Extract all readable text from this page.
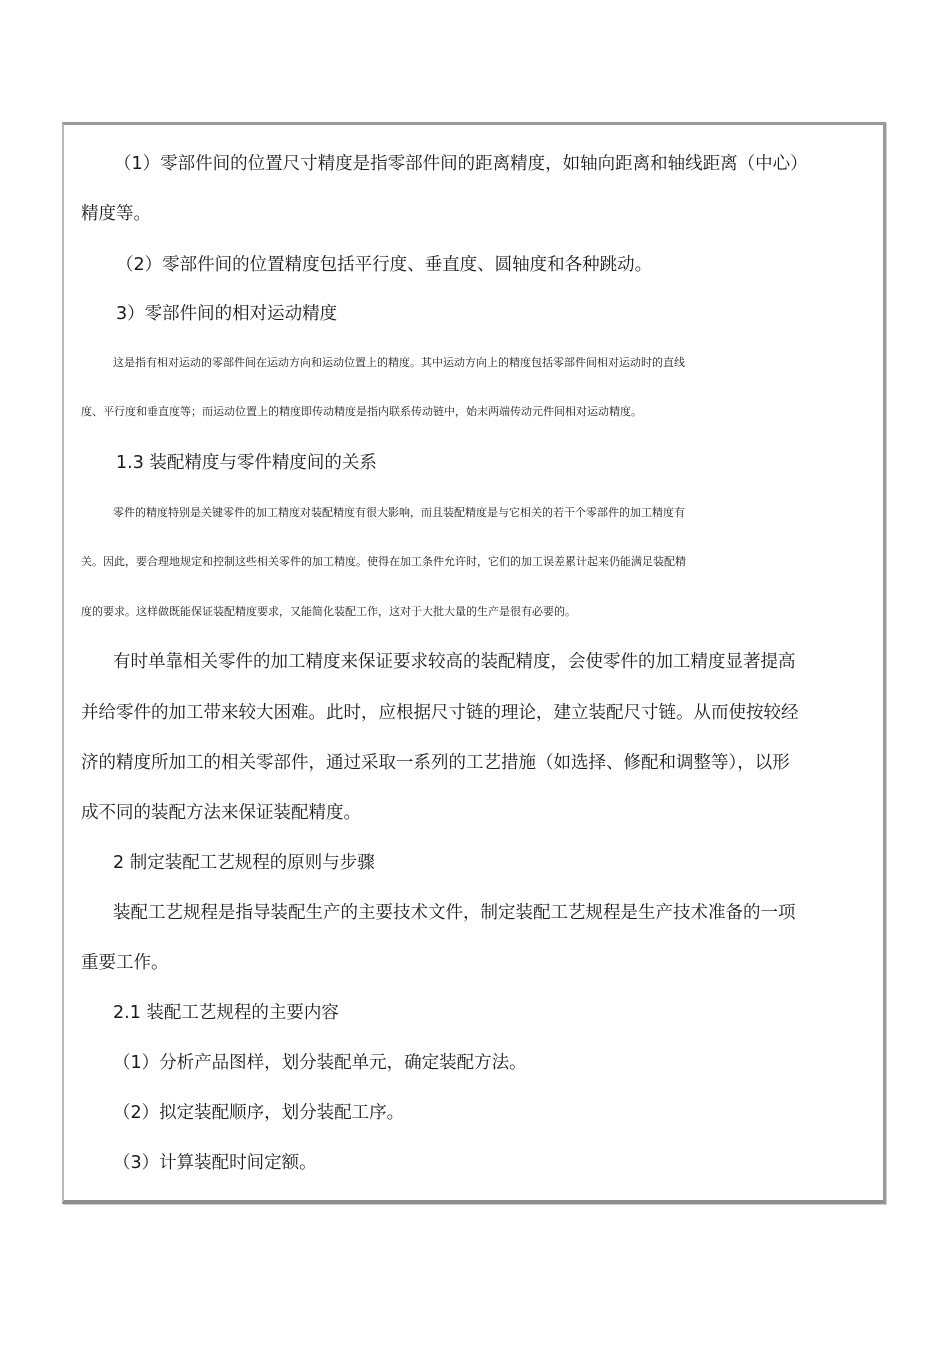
（1）零部件间的位置尺寸精度是指零部件间的距离精度，如轴向距离和轴线距离（中心）
精度等。
（2）零部件间的位置精度包括平行度、垂直度、圆轴度和各种跳动。
3）零部件间的相对运动精度
这是指有相对运动的零部件间在运动方向和运动位置上的精度。其中运动方向上的精度包括零部件间相对运动时的直线
度、平行度和垂直度等；而运动位置上的精度即传动精度是指内联系传动链中，始末两端传动元件间相对运动精度。
1.3 装配精度与零件精度间的关系
零件的精度特别是关键零件的加工精度对装配精度有很大影响，而且装配精度是与它相关的若干个零部件的加工精度有
关。因此，要合理地规定和控制这些相关零件的加工精度。使得在加工条件允许时，它们的加工误差累计起来仍能满足装配精
度的要求。这样做既能保证装配精度要求，又能简化装配工作，这对于大批大量的生产是很有必要的。
有时单靠相关零件的加工精度来保证要求较高的装配精度，会使零件的加工精度显著提高
并给零件的加工带来较大困难。此时，应根据尺寸链的理论，建立装配尺寸链。从而使按较经
济的精度所加工的相关零部件，通过采取一系列的工艺措施（如选择、修配和调整等），以形
成不同的装配方法来保证装配精度。
2 制定装配工艺规程的原则与步骤
装配工艺规程是指导装配生产的主要技术文件，制定装配工艺规程是生产技术准备的一项
重要工作。
2.1 装配工艺规程的主要内容
（1）分析产品图样，划分装配单元，确定装配方法。
（2）拟定装配顺序，划分装配工序。
（3）计算装配时间定额。
